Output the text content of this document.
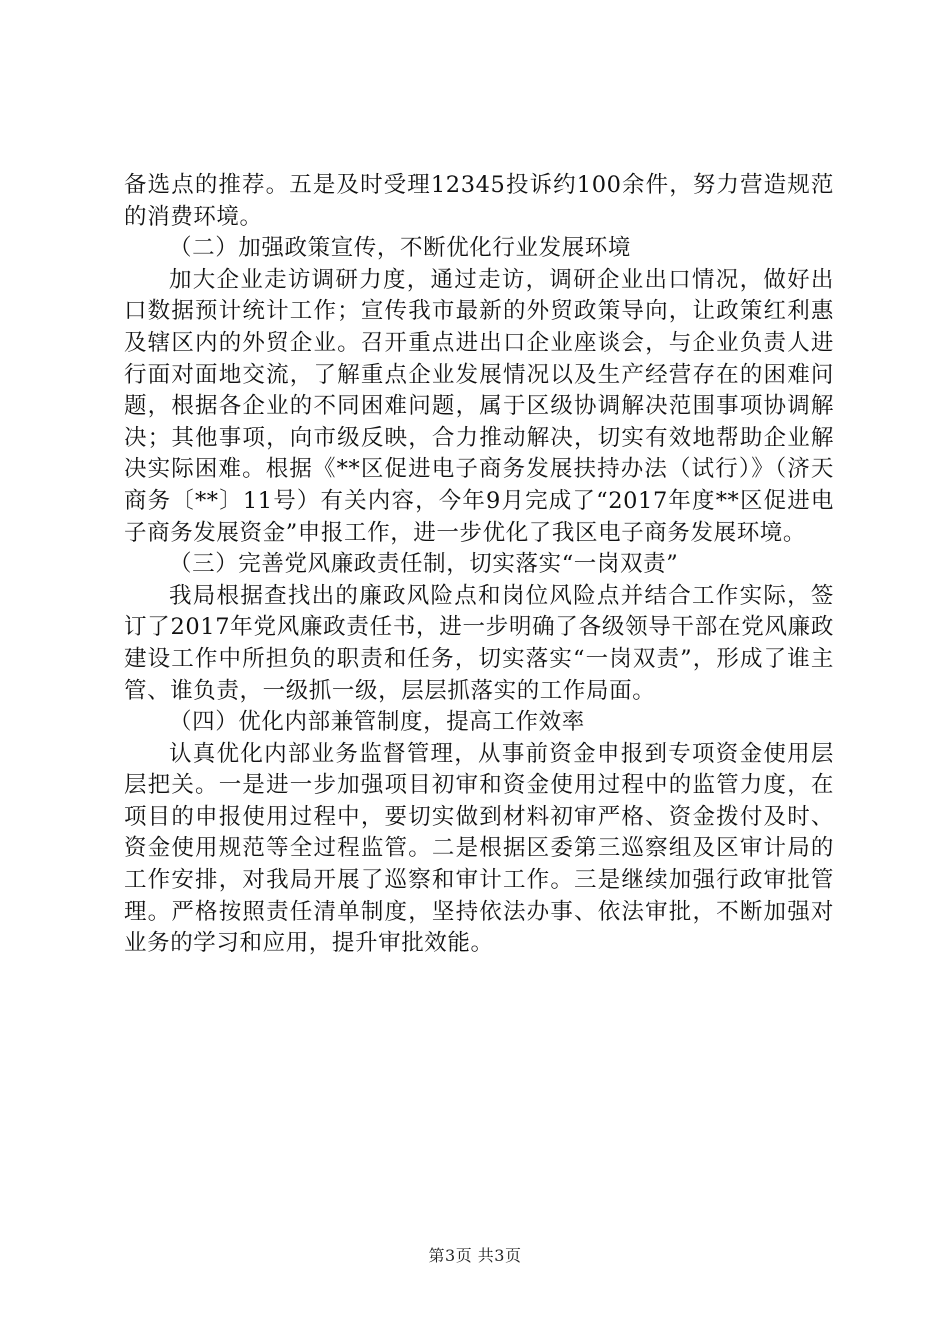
备选点的推荐。五是及时受理12345投诉约100余件，努力营造规范的消费环境。

（二）加强政策宣传，不断优化行业发展环境

加大企业走访调研力度，通过走访，调研企业出口情况，做好出口数据预计统计工作；宣传我市最新的外贸政策导向，让政策红利惠及辖区内的外贸企业。召开重点进出口企业座谈会，与企业负责人进行面对面地交流，了解重点企业发展情况以及生产经营存在的困难问题，根据各企业的不同困难问题，属于区级协调解决范围事项协调解决；其他事项，向市级反映，合力推动解决，切实有效地帮助企业解决实际困难。根据《**区促进电子商务发展扶持办法（试行）》（济天商务〔**〕11号）有关内容，今年9月完成了“2017年度**区促进电子商务发展资金”申报工作，进一步优化了我区电子商务发展环境。

（三）完善党风廉政责任制，切实落实“一岗双责”

我局根据查找出的廉政风险点和岗位风险点并结合工作实际，签订了2017年党风廉政责任书，进一步明确了各级领导干部在党风廉政建设工作中所担负的职责和任务，切实落实“一岗双责”，形成了谁主管、谁负责，一级抓一级，层层抓落实的工作局面。

（四）优化内部兼管制度，提高工作效率

认真优化内部业务监督管理，从事前资金申报到专项资金使用层层把关。一是进一步加强项目初审和资金使用过程中的监管力度，在项目的申报使用过程中，要切实做到材料初审严格、资金拨付及时、资金使用规范等全过程监管。二是根据区委第三巡察组及区审计局的工作安排，对我局开展了巡察和审计工作。三是继续加强行政审批管理。严格按照责任清单制度，坚持依法办事、依法审批，不断加强对业务的学习和应用，提升审批效能。

第3页 共3页
